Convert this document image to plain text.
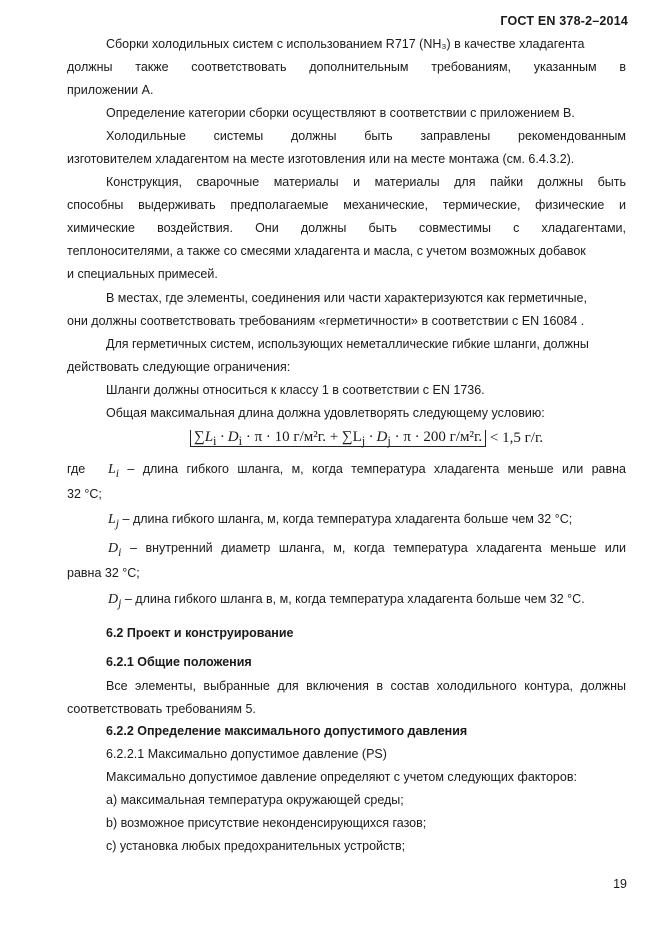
ГОСТ EN 378-2–2014
Сборки холодильных систем с использованием R717 (NH₃) в качестве хладагента
должны также соответствовать дополнительным требованиям, указанным в
приложении А.
Определение категории сборки осуществляют в соответствии с приложением В.
Холодильные системы должны быть заправлены рекомендованным
изготовителем хладагентом на месте изготовления или на месте монтажа (см. 6.4.3.2).
Конструкция, сварочные материалы и материалы для пайки должны быть
способны выдерживать предполагаемые механические, термические, физические и
химические воздействия. Они должны быть совместимы с хладагентами,
теплоносителями, а также со смесями хладагента и масла, с учетом возможных добавок
и специальных примесей.
В местах, где элементы, соединения или части характеризуются как герметичные,
они должны соответствовать требованиям «герметичности» в соответствии с EN 16084 .
Для герметичных систем, использующих неметаллические гибкие шланги, должны
действовать следующие ограничения:
Шланги должны относиться к классу 1 в соответствии с EN 1736.
Общая максимальная длина должна удовлетворять следующему условию:
$\sum L_i \cdot D_i \cdot \pi \cdot 10$ г/м²г. + $\sum L_j \cdot D_j \cdot \pi \cdot 200$ г/м²г. < 1,5 г/г.
где $L_i$ – длина гибкого шланга, м, когда температура хладагента меньше или равна
32 °C;
$L_j$ – длина гибкого шланга, м, когда температура хладагента больше чем 32 °C;
$D_i$ – внутренний диаметр шланга, м, когда температура хладагента меньше или
равна 32 °C;
$D_j$ – длина гибкого шланга в, м, когда температура хладагента больше чем 32 °C.
6.2 Проект и конструирование
6.2.1 Общие положения
Все элементы, выбранные для включения в состав холодильного контура, должны
соответствовать требованиям 5.
6.2.2 Определение максимального допустимого давления
6.2.2.1 Максимально допустимое давление (PS)
Максимально допустимое давление определяют с учетом следующих факторов:
a) максимальная температура окружающей среды;
b) возможное присутствие неконденсирующихся газов;
c) установка любых предохранительных устройств;
19
